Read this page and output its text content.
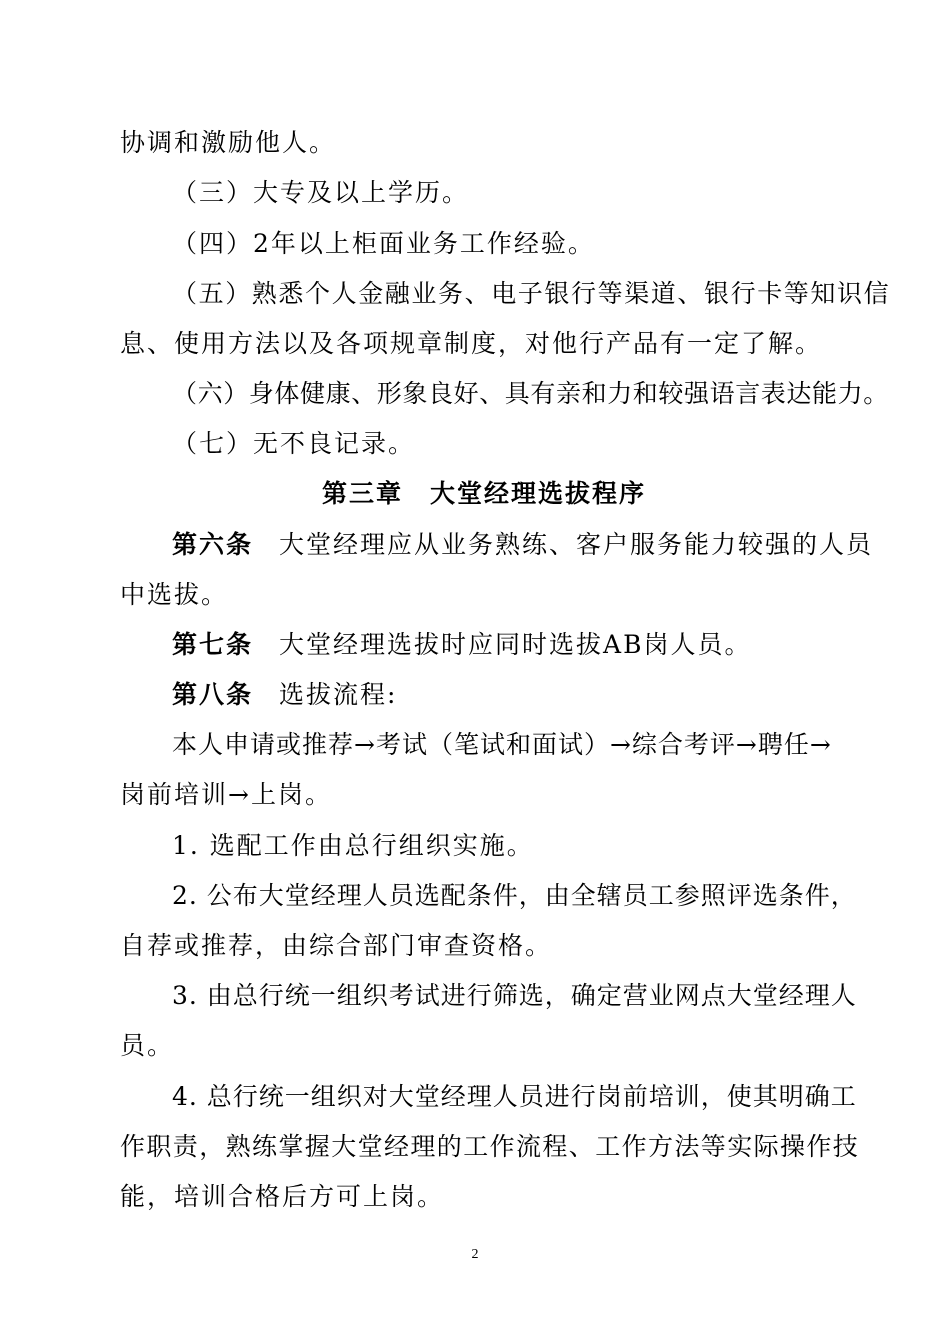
协调和激励他人。
（三）大专及以上学历。
（四）2年以上柜面业务工作经验。
（五）熟悉个人金融业务、电子银行等渠道、银行卡等知识信
息、使用方法以及各项规章制度，对他行产品有一定了解。
（六）身体健康、形象良好、具有亲和力和较强语言表达能力。
（七）无不良记录。
第三章　大堂经理选拔程序
第六条 大堂经理应从业务熟练、客户服务能力较强的人员
中选拔。
第七条 大堂经理选拔时应同时选拔AB岗人员。
第八条 选拔流程:
本人申请或推荐→考试（笔试和面试）→综合考评→聘任→
岗前培训→上岗。
1. 选配工作由总行组织实施。
2. 公布大堂经理人员选配条件，由全辖员工参照评选条件，
自荐或推荐，由综合部门审查资格。
3. 由总行统一组织考试进行筛选，确定营业网点大堂经理人
员。
4. 总行统一组织对大堂经理人员进行岗前培训，使其明确工
作职责，熟练掌握大堂经理的工作流程、工作方法等实际操作技
能，培训合格后方可上岗。
2
